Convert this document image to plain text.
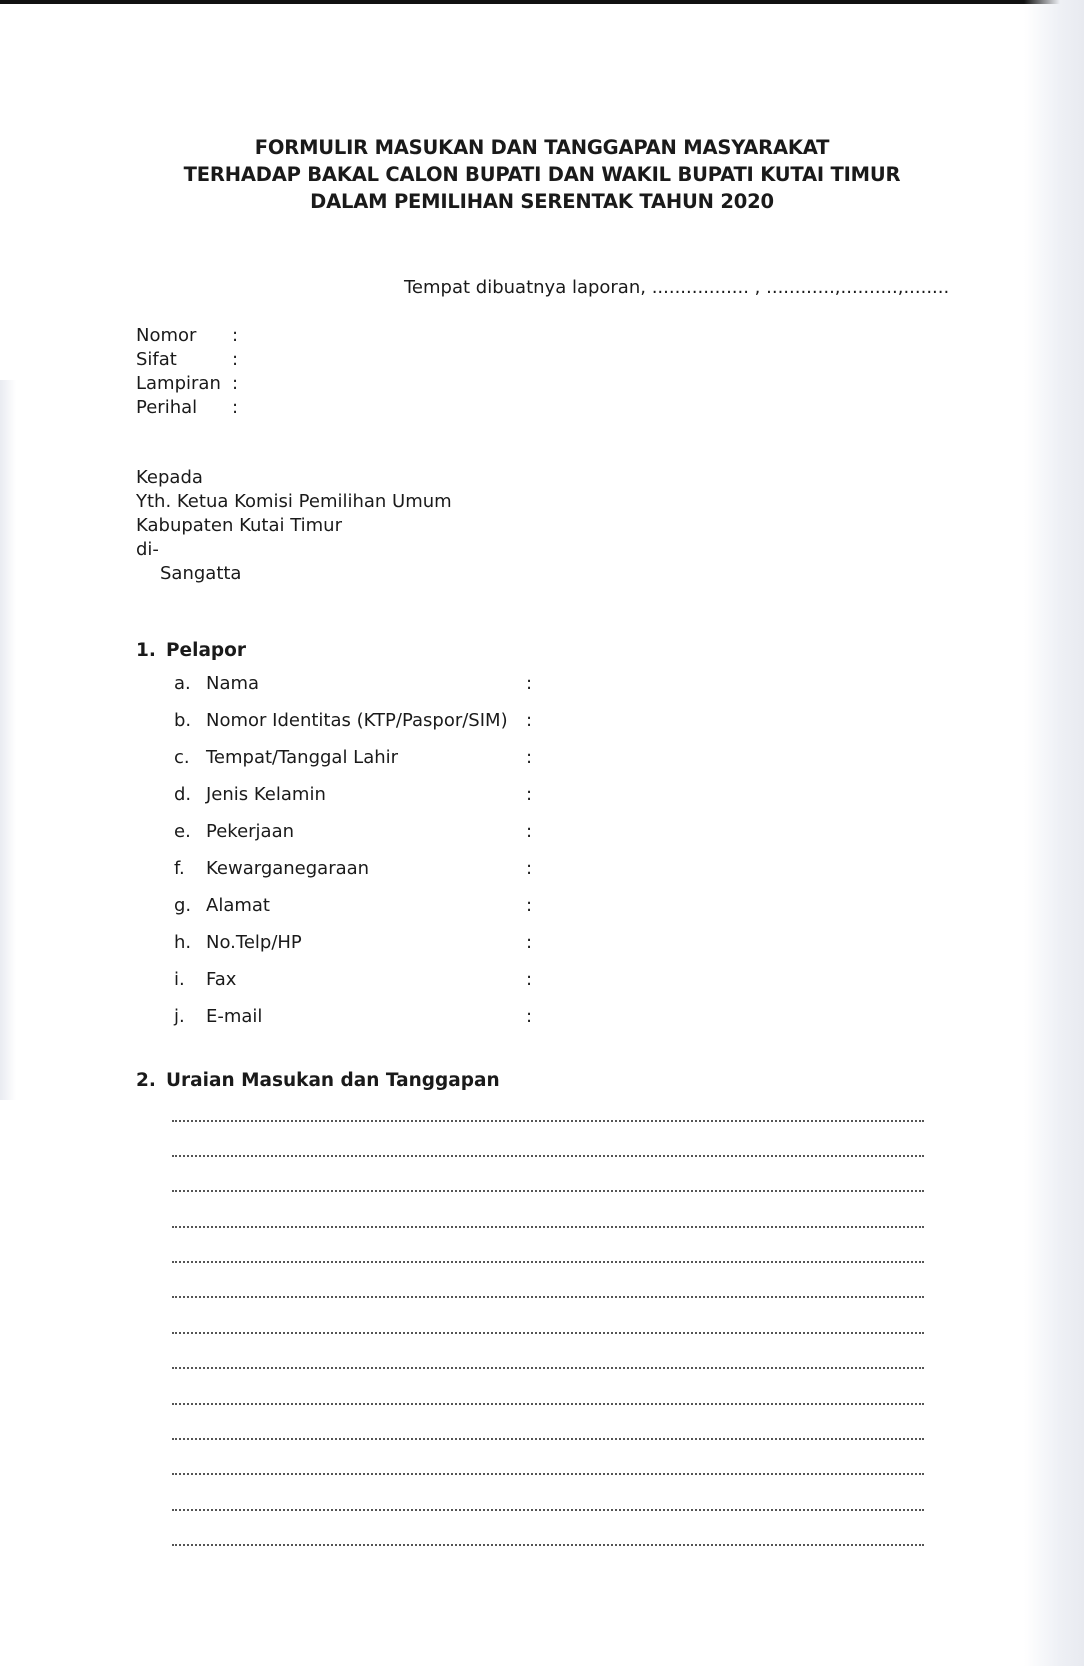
FORMULIR MASUKAN DAN TANGGAPAN MASYARAKAT
TERHADAP BAKAL CALON BUPATI DAN WAKIL BUPATI KUTAI TIMUR
DALAM PEMILIHAN SERENTAK TAHUN 2020
Tempat dibuatnya laporan, ................. , ............,..........,........
Nomor :
Sifat	:
Lampiran :
Perihal :
Kepada
Yth. Ketua Komisi Pemilihan Umum
Kabupaten Kutai Timur
di-
Sangatta
1. Pelapor
a. Nama	:
b. Nomor Identitas (KTP/Paspor/SIM) :
c. Tempat/Tanggal Lahir	:
d. Jenis Kelamin	:
e. Pekerjaan	:
f. Kewarganegaraan	:
g. Alamat	:
h. No.Telp/HP	:
i. Fax	:
j. E-mail	:
2. Uraian Masukan dan Tanggapan
